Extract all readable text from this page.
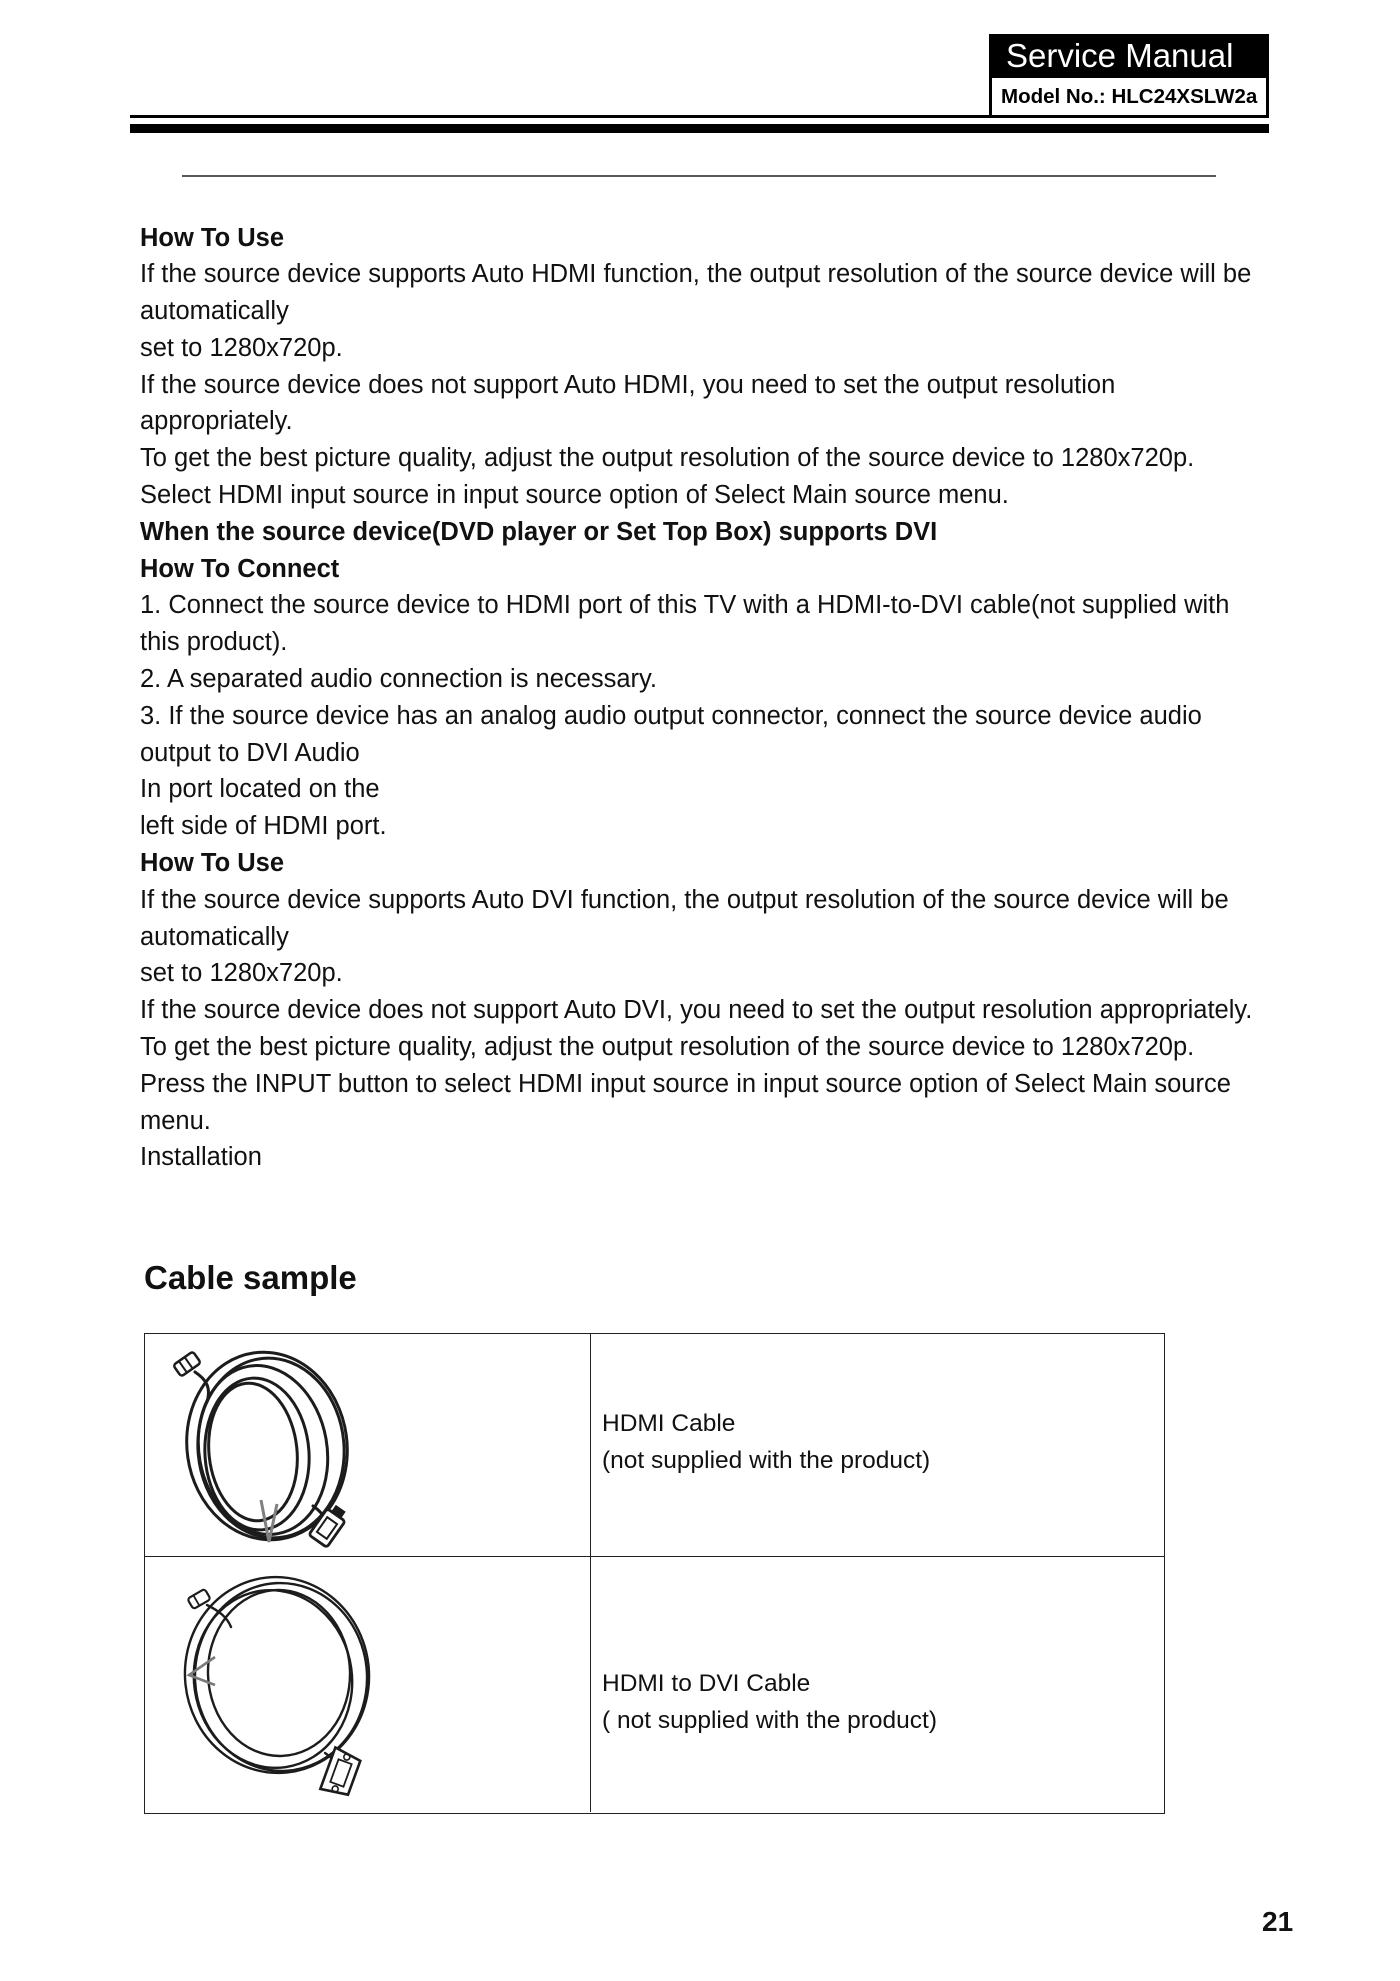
Service Manual
Model No.: HLC24XSLW2a
How To Use
If the source device supports Auto HDMI function, the output resolution of the source device will be
automatically
set to 1280x720p.
If the source device does not support Auto HDMI, you need to set the output resolution
appropriately.
To get the best picture quality, adjust the output resolution of the source device to 1280x720p.
Select HDMI input source in input source option of Select Main source menu.
When the source device(DVD player or Set Top Box) supports DVI
How To Connect
1. Connect the source device to HDMI port of this TV with a HDMI-to-DVI cable(not supplied with
this product).
2. A separated audio connection is necessary.
3. If the source device has an analog audio output connector, connect the source device audio
output to DVI Audio
In port located on the
left side of HDMI port.
How To Use
If the source device supports Auto DVI function, the output resolution of the source device will be
automatically
set to 1280x720p.
If the source device does not support Auto DVI, you need to set the output resolution appropriately.
To get the best picture quality, adjust the output resolution of the source device to 1280x720p.
Press the INPUT button to select HDMI input source in input source option of Select Main source
menu.
Installation
Cable sample
HDMI Cable
(not supplied with the product)
HDMI to DVI Cable
( not supplied with the product)
21
